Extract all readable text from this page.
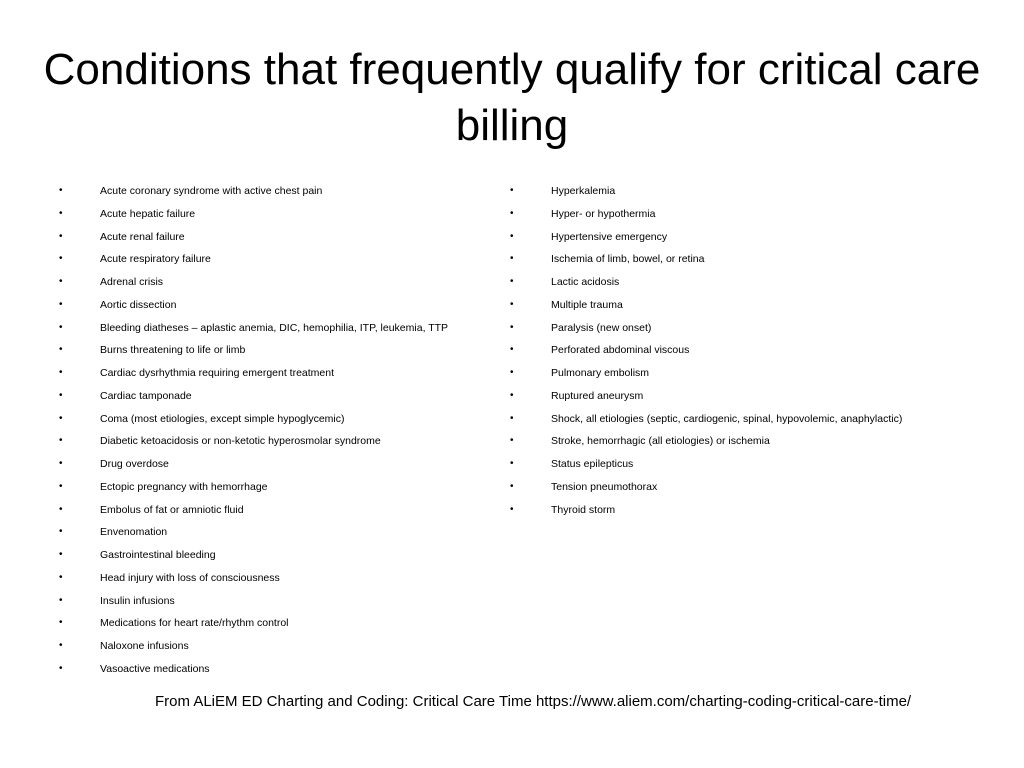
Conditions that frequently qualify for critical care billing
•	Acute coronary syndrome with active chest pain
•	Acute hepatic failure
•	Acute renal failure
•	Acute respiratory failure
•	Adrenal crisis
•	Aortic dissection
•	Bleeding diatheses – aplastic anemia, DIC, hemophilia, ITP, leukemia, TTP
•	Burns threatening to life or limb
•	Cardiac dysrhythmia requiring emergent treatment
•	Cardiac tamponade
•	Coma (most etiologies, except simple hypoglycemic)
•	Diabetic ketoacidosis or non-ketotic hyperosmolar syndrome
•	Drug overdose
•	Ectopic pregnancy with hemorrhage
•	Embolus of fat or amniotic fluid
•	Envenomation
•	Gastrointestinal bleeding
•	Head injury with loss of consciousness
•	Insulin infusions
•	Medications for heart rate/rhythm control
•	Naloxone infusions
•	Vasoactive medications
•	Hyperkalemia
•	Hyper- or hypothermia
•	Hypertensive emergency
•	Ischemia of limb, bowel, or retina
•	Lactic acidosis
•	Multiple trauma
•	Paralysis (new onset)
•	Perforated abdominal viscous
•	Pulmonary embolism
•	Ruptured aneurysm
•	Shock, all etiologies (septic, cardiogenic, spinal, hypovolemic, anaphylactic)
•	Stroke, hemorrhagic (all etiologies) or ischemia
•	Status epilepticus
•	Tension pneumothorax
•	Thyroid storm
From ALiEM ED Charting and Coding: Critical Care Time https://www.aliem.com/charting-coding-critical-care-time/
